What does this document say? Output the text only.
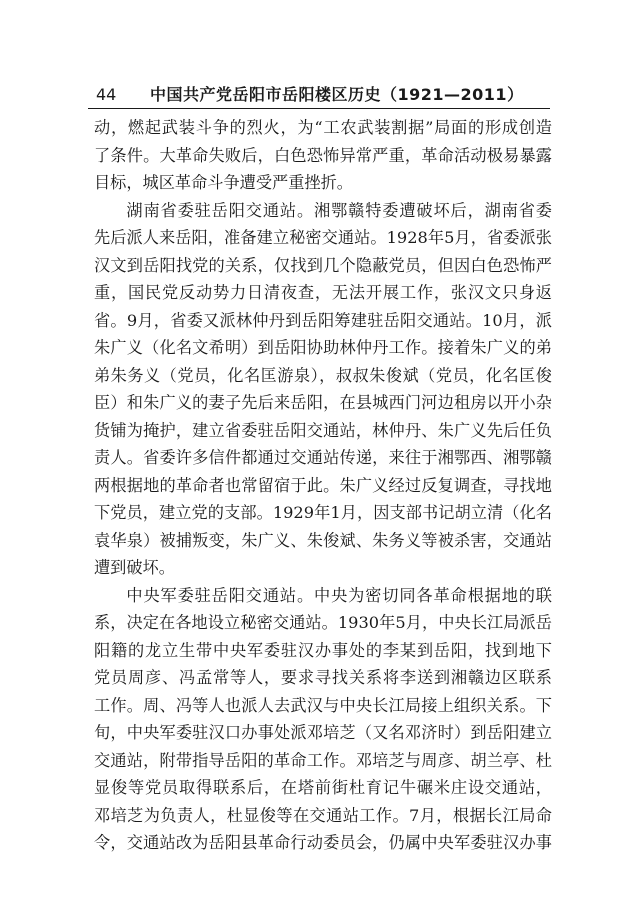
44 中国共产党岳阳市岳阳楼区历史（1921—2011）
动，燃起武装斗争的烈火，为“工农武装割据”局面的形成创造
了条件。大革命失败后，白色恐怖异常严重，革命活动极易暴露
目标，城区革命斗争遭受严重挫折。
湖南省委驻岳阳交通站。湘鄂赣特委遭破坏后，湖南省委
先后派人来岳阳，准备建立秘密交通站。1928年5月，省委派张
汉文到岳阳找党的关系，仅找到几个隐蔽党员，但因白色恐怖严
重，国民党反动势力日清夜查，无法开展工作，张汉文只身返
省。9月，省委又派林仲丹到岳阳筹建驻岳阳交通站。10月，派
朱广义（化名文希明）到岳阳协助林仲丹工作。接着朱广义的弟
弟朱务义（党员，化名匡游泉），叔叔朱俊斌（党员，化名匡俊
臣）和朱广义的妻子先后来岳阳，在县城西门河边租房以开小杂
货铺为掩护，建立省委驻岳阳交通站，林仲丹、朱广义先后任负
责人。省委许多信件都通过交通站传递，来往于湘鄂西、湘鄂赣
两根据地的革命者也常留宿于此。朱广义经过反复调查，寻找地
下党员，建立党的支部。1929年1月，因支部书记胡立清（化名
袁华泉）被捕叛变，朱广义、朱俊斌、朱务义等被杀害，交通站
遭到破坏。
中央军委驻岳阳交通站。中央为密切同各革命根据地的联
系，决定在各地设立秘密交通站。1930年5月，中央长江局派岳
阳籍的龙立生带中央军委驻汉办事处的李某到岳阳，找到地下
党员周彦、冯孟常等人，要求寻找关系将李送到湘赣边区联系
工作。周、冯等人也派人去武汉与中央长江局接上组织关系。下
旬，中央军委驻汉口办事处派邓培芝（又名邓济时）到岳阳建立
交通站，附带指导岳阳的革命工作。邓培芝与周彦、胡兰亭、杜
显俊等党员取得联系后，在塔前街杜育记牛碾米庄设交通站，
邓培芝为负责人，杜显俊等在交通站工作。7月，根据长江局命
令，交通站改为岳阳县革命行动委员会，仍属中央军委驻汉办事
